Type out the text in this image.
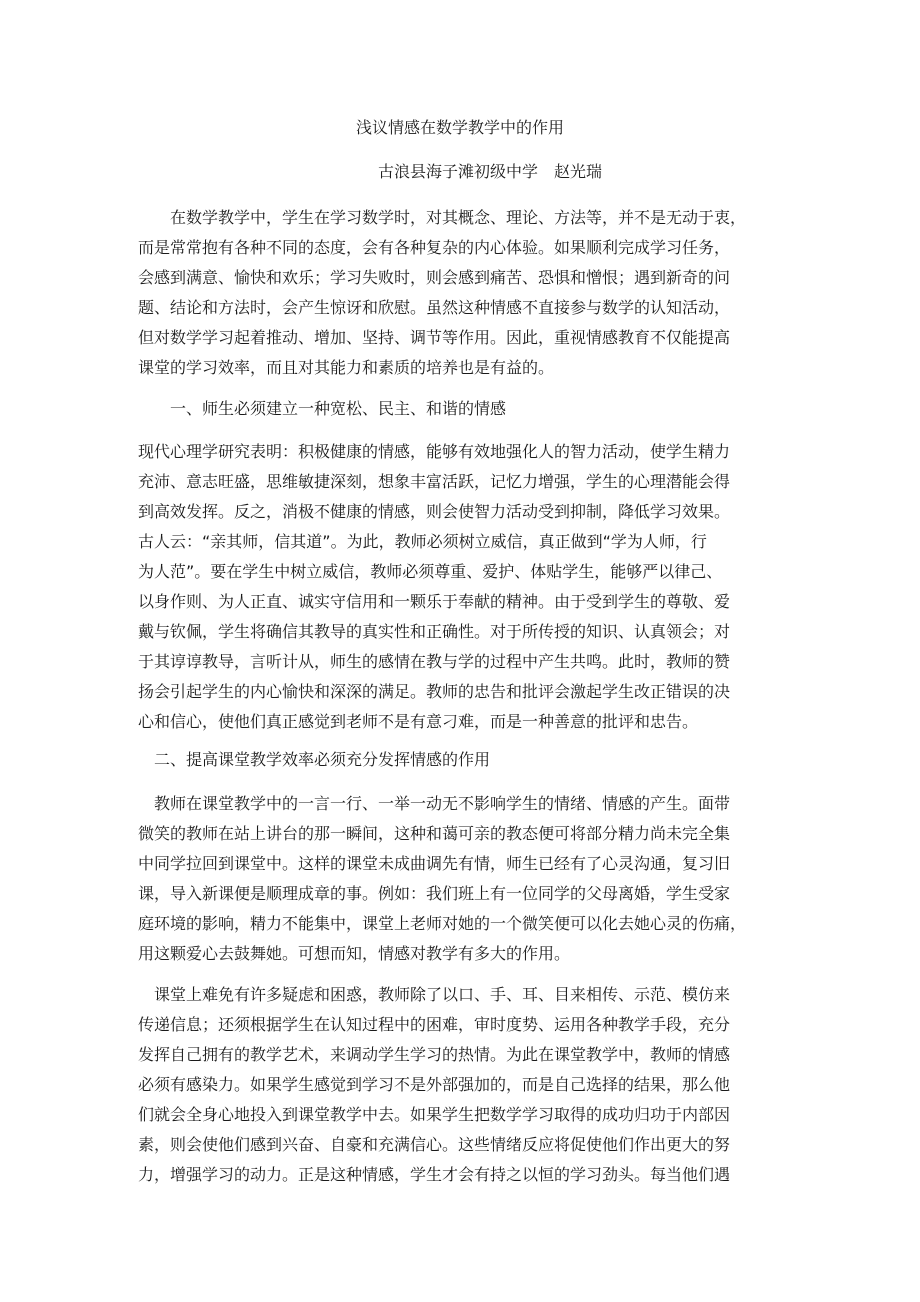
浅议情感在数学教学中的作用
古浪县海子滩初级中学　赵光瑞
　　在数学教学中，学生在学习数学时，对其概念、理论、方法等，并不是无动于衷，
而是常常抱有各种不同的态度，会有各种复杂的内心体验。如果顺利完成学习任务，
会感到满意、愉快和欢乐；学习失败时，则会感到痛苦、恐惧和憎恨；遇到新奇的问
题、结论和方法时，会产生惊讶和欣慰。虽然这种情感不直接参与数学的认知活动，
但对数学学习起着推动、增加、坚持、调节等作用。因此，重视情感教育不仅能提高
课堂的学习效率，而且对其能力和素质的培养也是有益的。
　　一、师生必须建立一种宽松、民主、和谐的情感
现代心理学研究表明：积极健康的情感，能够有效地强化人的智力活动，使学生精力
充沛、意志旺盛，思维敏捷深刻，想象丰富活跃，记忆力增强，学生的心理潜能会得
到高效发挥。反之，消极不健康的情感，则会使智力活动受到抑制，降低学习效果。
古人云：“亲其师，信其道”。为此，教师必须树立威信，真正做到“学为人师，行
为人范”。要在学生中树立威信，教师必须尊重、爱护、体贴学生，能够严以律己、
以身作则、为人正直、诚实守信用和一颗乐于奉献的精神。由于受到学生的尊敬、爱
戴与钦佩，学生将确信其教导的真实性和正确性。对于所传授的知识、认真领会；对
于其谆谆教导，言听计从，师生的感情在教与学的过程中产生共鸣。此时，教师的赞
扬会引起学生的内心愉快和深深的满足。教师的忠告和批评会激起学生改正错误的决
心和信心，使他们真正感觉到老师不是有意刁难，而是一种善意的批评和忠告。
　二、提高课堂教学效率必须充分发挥情感的作用
　教师在课堂教学中的一言一行、一举一动无不影响学生的情绪、情感的产生。面带
微笑的教师在站上讲台的那一瞬间，这种和蔼可亲的教态便可将部分精力尚未完全集
中同学拉回到课堂中。这样的课堂未成曲调先有情，师生已经有了心灵沟通，复习旧
课，导入新课便是顺理成章的事。例如：我们班上有一位同学的父母离婚，学生受家
庭环境的影响，精力不能集中，课堂上老师对她的一个微笑便可以化去她心灵的伤痛，
用这颗爱心去鼓舞她。可想而知，情感对教学有多大的作用。
　课堂上难免有许多疑虑和困惑，教师除了以口、手、耳、目来相传、示范、模仿来
传递信息；还须根据学生在认知过程中的困难，审时度势、运用各种教学手段，充分
发挥自己拥有的教学艺术，来调动学生学习的热情。为此在课堂教学中，教师的情感
必须有感染力。如果学生感觉到学习不是外部强加的，而是自己选择的结果，那么他
们就会全身心地投入到课堂教学中去。如果学生把数学学习取得的成功归功于内部因
素，则会使他们感到兴奋、自豪和充满信心。这些情绪反应将促使他们作出更大的努
力，增强学习的动力。正是这种情感，学生才会有持之以恒的学习劲头。每当他们遇
